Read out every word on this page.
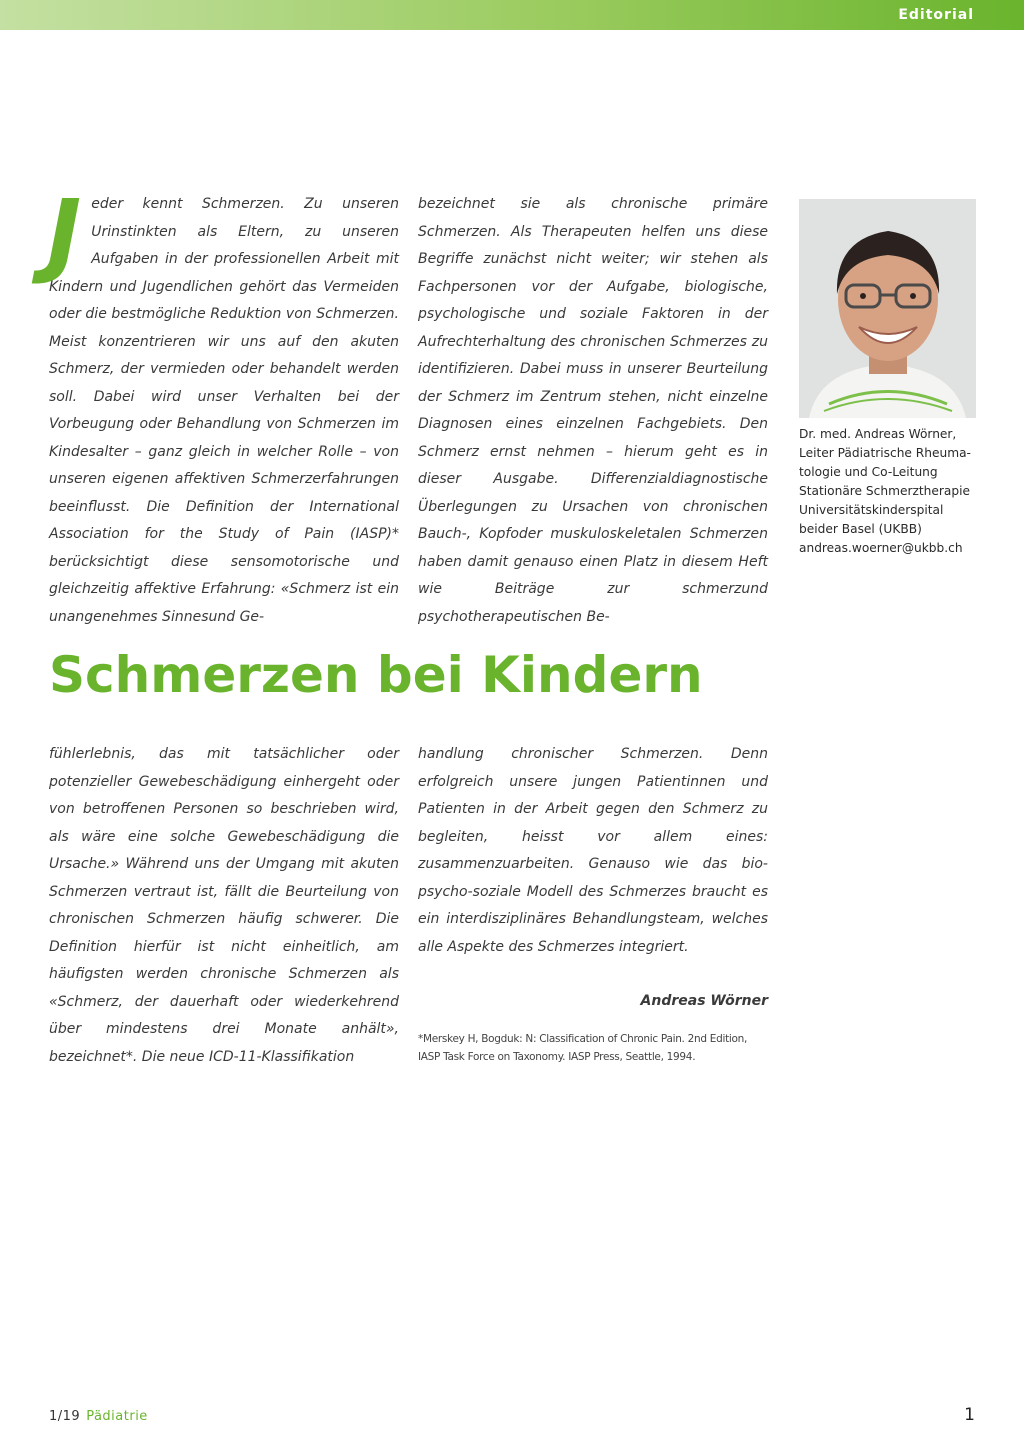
Editorial
J eder kennt Schmerzen. Zu unseren Urinstinkten als Eltern, zu unseren Aufgaben in der professionellen Arbeit mit Kindern und Jugendlichen gehört das Vermeiden oder die bestmögliche Reduktion von Schmerzen. Meist konzentrieren wir uns auf den akuten Schmerz, der vermieden oder behandelt werden soll. Dabei wird unser Verhalten bei der Vorbeugung oder Behandlung von Schmerzen im Kindesalter – ganz gleich in welcher Rolle – von unseren eigenen affektiven Schmerzerfahrungen beeinflusst. Die Definition der International Association for the Study of Pain (IASP)* berücksichtigt diese sensomotorische und gleichzeitig affektive Erfahrung: «Schmerz ist ein unangenehmes Sinnesund Ge-

bezeichnet sie als chronische primäre Schmerzen. Als Therapeuten helfen uns diese Begriffe zunächst nicht weiter; wir stehen als Fachpersonen vor der Aufgabe, biologische, psychologische und soziale Faktoren in der Aufrechterhaltung des chronischen Schmerzes zu identifizieren. Dabei muss in unserer Beurteilung der Schmerz im Zentrum stehen, nicht einzelne Diagnosen eines einzelnen Fachgebiets. Den Schmerz ernst nehmen – hierum geht es in dieser Ausgabe. Differenzialdiagnostische Überlegungen zu Ursachen von chronischen Bauch-, Kopfoder muskuloskeletalen Schmerzen haben damit genauso einen Platz in diesem Heft wie Beiträge zur schmerzund psychotherapeutischen Be-

Dr. med. Andreas Wörner,
Leiter Pädiatrische Rheuma-
tologie und Co-Leitung
Stationäre Schmerztherapie
Universitätskinderspital
beider Basel (UKBB)
andreas.woerner@ukbb.ch
Schmerzen bei Kindern

fühlerlebnis, das mit tatsächlicher oder potenzieller Gewebeschädigung einhergeht oder von betroffenen Personen so beschrieben wird, als wäre eine solche Gewebeschädigung die Ursache.» Während uns der Umgang mit akuten Schmerzen vertraut ist, fällt die Beurteilung von chronischen Schmerzen häufig schwerer. Die Definition hierfür ist nicht einheitlich, am häufigsten werden chronische Schmerzen als «Schmerz, der dauerhaft oder wiederkehrend über mindestens drei Monate anhält», bezeichnet*. Die neue ICD-11-Klassifikation

handlung chronischer Schmerzen. Denn erfolgreich unsere jungen Patientinnen und Patienten in der Arbeit gegen den Schmerz zu begleiten, heisst vor allem eines: zusammenzuarbeiten. Genauso wie das bio-psycho-soziale Modell des Schmerzes braucht es ein interdisziplinäres Behandlungsteam, welches alle Aspekte des Schmerzes integriert.

Andreas Wörner
*Merskey H, Bogduk: N: Classification of Chronic Pain. 2nd Edition, IASP Task Force on Taxonomy. IASP Press, Seattle, 1994.
1/19 Pädiatrie	1
